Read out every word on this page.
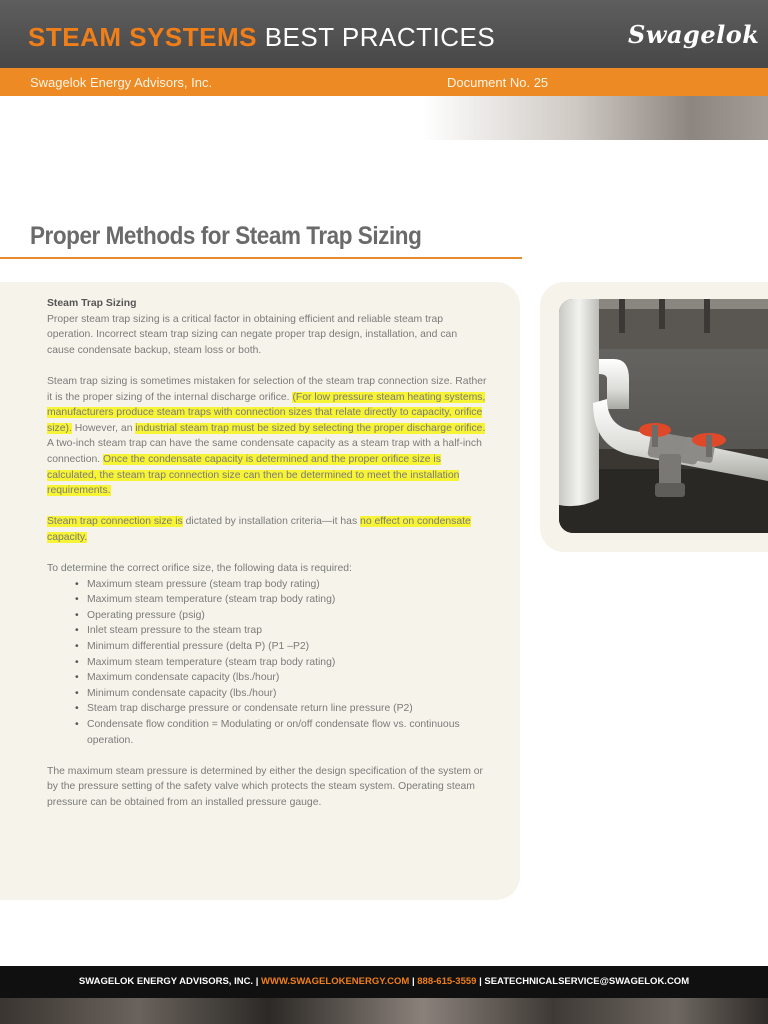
STEAM SYSTEMS BEST PRACTICES	Swagelok
Swagelok Energy Advisors, Inc.	Document No. 25
Proper Methods for Steam Trap Sizing
Steam Trap Sizing

Proper steam trap sizing is a critical factor in obtaining efficient and reliable steam trap operation. Incorrect steam trap sizing can negate proper trap design, installation, and can cause condensate backup, steam loss or both.

Steam trap sizing is sometimes mistaken for selection of the steam trap connection size. Rather it is the proper sizing of the internal discharge orifice. (For low pressure steam heating systems, manufacturers produce steam traps with connection sizes that relate directly to capacity, orifice size). However, an industrial steam trap must be sized by selecting the proper discharge orifice. A two-inch steam trap can have the same condensate capacity as a steam trap with a half-inch connection. Once the condensate capacity is determined and the proper orifice size is calculated, the steam trap connection size can then be determined to meet the installation requirements.

Steam trap connection size is dictated by installation criteria—it has no effect on condensate capacity.

To determine the correct orifice size, the following data is required:
• Maximum steam pressure (steam trap body rating)
• Maximum steam temperature (steam trap body rating)
• Operating pressure (psig)
• Inlet steam pressure to the steam trap
• Minimum differential pressure (delta P) (P1 –P2)
• Maximum steam temperature (steam trap body rating)
• Maximum condensate capacity (lbs./hour)
• Minimum condensate capacity (lbs./hour)
• Steam trap discharge pressure or condensate return line pressure (P2)
• Condensate flow condition = Modulating or on/off condensate flow vs. continuous operation.

The maximum steam pressure is determined by either the design specification of the system or by the pressure setting of the safety valve which protects the steam system. Operating steam pressure can be obtained from an installed pressure gauge.

SWAGELOK ENERGY ADVISORS, INC. | WWW.SWAGELOKENERGY.COM | 888-615-3559 | SEATECHNICALSERVICE@SWAGELOK.COM
